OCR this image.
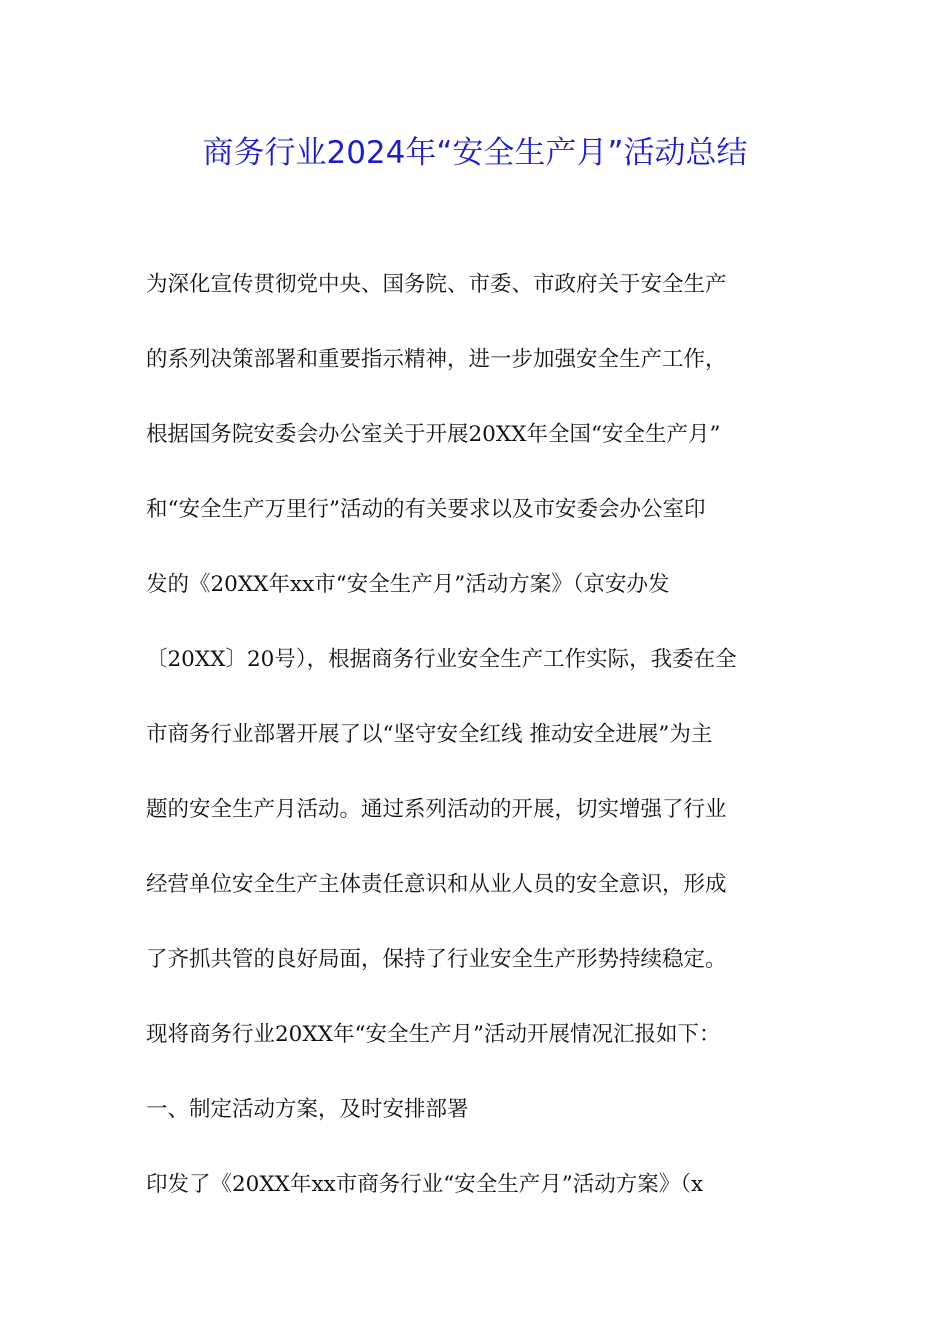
商务行业2024年“安全生产月”活动总结
为深化宣传贯彻党中央、国务院、市委、市政府关于安全生产
的系列决策部署和重要指示精神，进一步加强安全生产工作，
根据国务院安委会办公室关于开展20XX年全国“安全生产月”
和“安全生产万里行”活动的有关要求以及市安委会办公室印
发的《20XX年xx市“安全生产月”活动方案》（京安办发
〔20XX〕20号），根据商务行业安全生产工作实际，我委在全
市商务行业部署开展了以“坚守安全红线 推动安全进展”为主
题的安全生产月活动。通过系列活动的开展，切实增强了行业
经营单位安全生产主体责任意识和从业人员的安全意识，形成
了齐抓共管的良好局面，保持了行业安全生产形势持续稳定。
现将商务行业20XX年“安全生产月”活动开展情况汇报如下：
一、制定活动方案，及时安排部署
印发了《20XX年xx市商务行业“安全生产月”活动方案》（x
